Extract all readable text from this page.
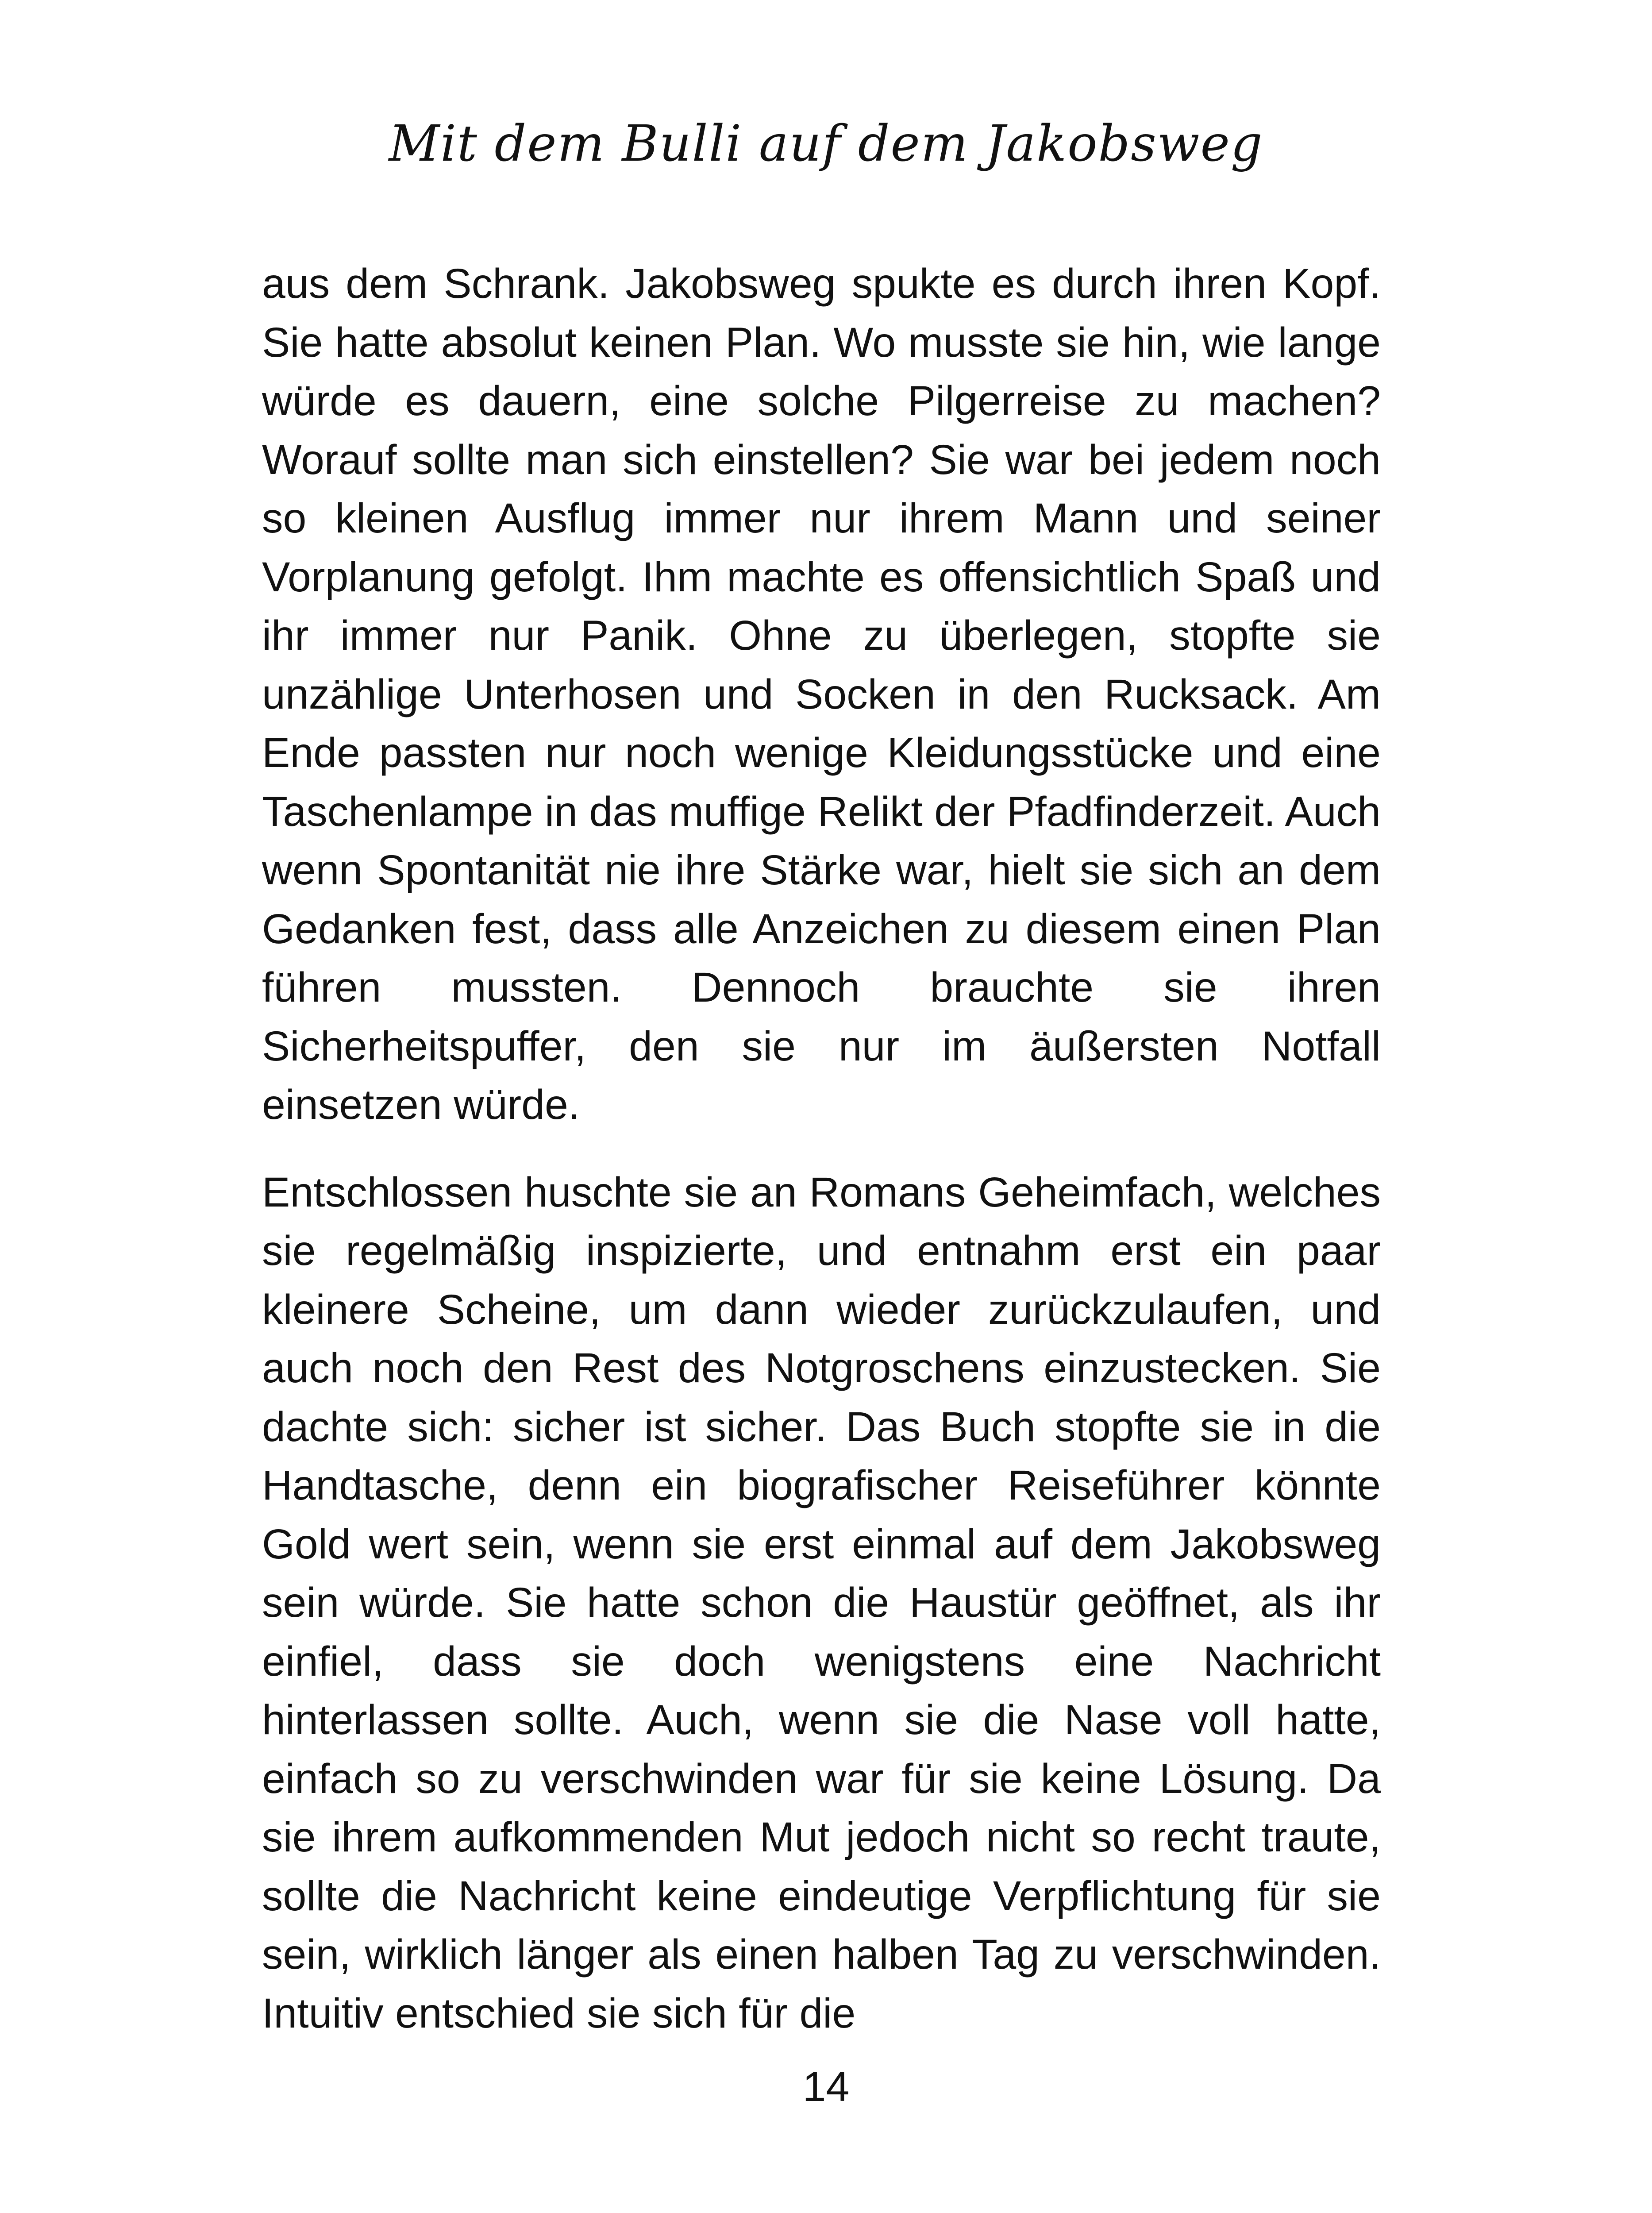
Mit dem Bulli auf dem Jakobsweg

aus dem Schrank. Jakobsweg spukte es durch ihren Kopf. Sie hatte absolut keinen Plan. Wo musste sie hin, wie lange würde es dauern, eine solche Pilgerreise zu machen? Worauf sollte man sich einstellen? Sie war bei jedem noch so kleinen Ausflug immer nur ihrem Mann und seiner Vorplanung gefolgt. Ihm machte es offensichtlich Spaß und ihr immer nur Panik. Ohne zu überlegen, stopfte sie unzählige Unterhosen und Socken in den Rucksack. Am Ende passten nur noch wenige Kleidungsstücke und eine Taschenlampe in das muffige Relikt der Pfadfinderzeit. Auch wenn Spontanität nie ihre Stärke war, hielt sie sich an dem Gedanken fest, dass alle Anzeichen zu diesem einen Plan führen mussten. Dennoch brauchte sie ihren Sicherheitspuffer, den sie nur im äußersten Notfall einsetzen würde.

Entschlossen huschte sie an Romans Geheimfach, welches sie regelmäßig inspizierte, und entnahm erst ein paar kleinere Scheine, um dann wieder zurückzulaufen, und auch noch den Rest des Notgroschens einzustecken. Sie dachte sich: sicher ist sicher. Das Buch stopfte sie in die Handtasche, denn ein biografischer Reiseführer könnte Gold wert sein, wenn sie erst einmal auf dem Jakobsweg sein würde. Sie hatte schon die Haustür geöffnet, als ihr einfiel, dass sie doch wenigstens eine Nachricht hinterlassen sollte. Auch, wenn sie die Nase voll hatte, einfach so zu verschwinden war für sie keine Lösung. Da sie ihrem aufkommenden Mut jedoch nicht so recht traute, sollte die Nachricht keine eindeutige Verpflichtung für sie sein, wirklich länger als einen halben Tag zu verschwinden. Intuitiv entschied sie sich für die

14
